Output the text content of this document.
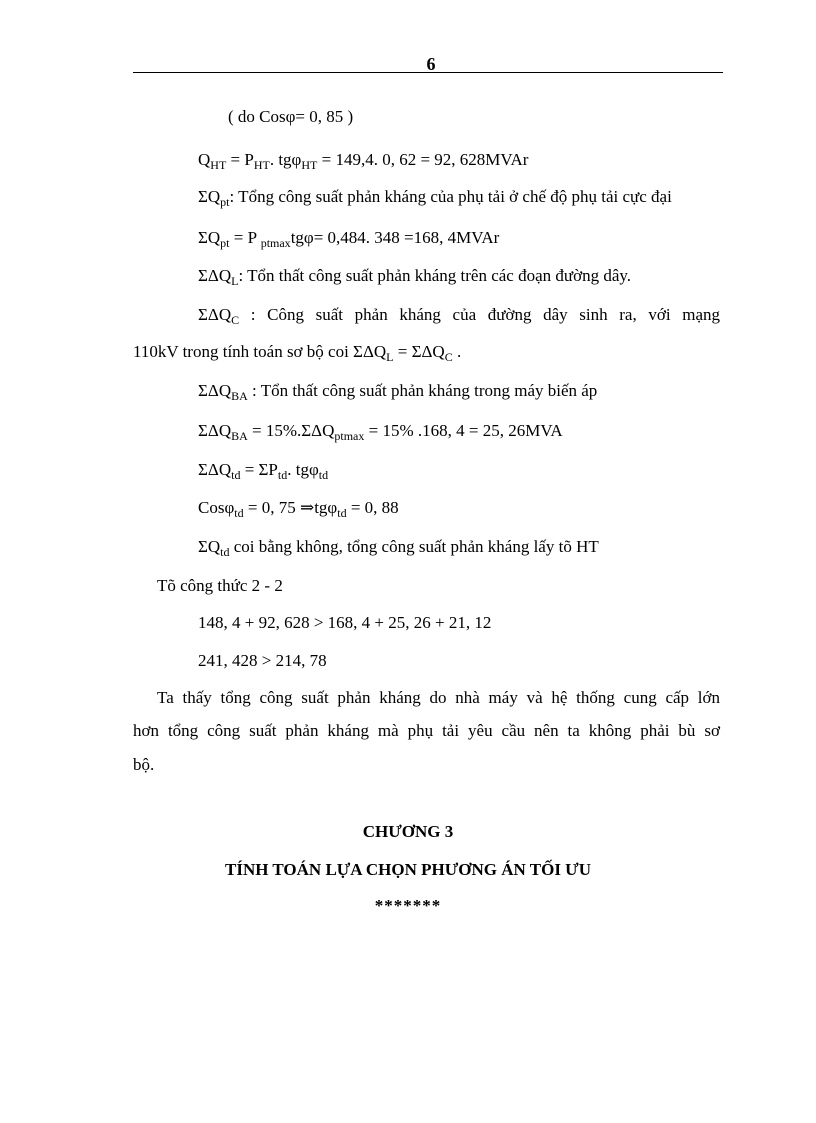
6
( do Cosφ= 0, 85 )
$Q_{HT} = P_{HT}$. tgφ$_{HT}$ = 149,4. 0, 62 = 92, 628MVAr
$\Sigma Q_{pt}$: Tổng công suất phản kháng của phụ tải ở chế độ phụ tải cực đại
$\Sigma Q_{pt} = P$ $_{ptmax}$tgφ= 0,484. 348 =168, 4MVAr
$\Sigma\Delta Q_L$: Tổn thất công suất phản kháng trên các đoạn đường dây.
$\Sigma\Delta Q_C$ : Công suất phản kháng của đường dây sinh ra, với mạng
110kV trong tính toán sơ bộ coi $\Sigma\Delta Q_L = \Sigma\Delta Q_C$ .
$\Sigma\Delta Q_{BA}$ : Tổn thất công suất phản kháng trong máy biến áp
$\Sigma\Delta Q_{BA} = 15\%.\Sigma\Delta Q_{ptmax} = 15\%$ .168, 4 = 25, 26MVA
$\Sigma\Delta Q_{td} = \Sigma P_{td}$. tgφ$_{td}$
Cosφ$_{td}$ = 0, 75 ⇒tgφ$_{td}$ = 0, 88
$\Sigma Q_{td}$ coi bằng không, tổng công suất phản kháng lấy tõ HT
Tõ công thức 2 - 2
148, 4 + 92, 628 > 168, 4 + 25, 26 + 21, 12
241, 428 > 214, 78
Ta thấy tổng công suất phản kháng do nhà máy và hệ thống cung cấp lớn
hơn tổng công suất phản kháng mà phụ tải yêu cầu nên ta không phải bù sơ
bộ.
CHƯƠNG 3
TÍNH TOÁN LỰA CHỌN PHƯƠNG ÁN TỐI ƯU
*******
